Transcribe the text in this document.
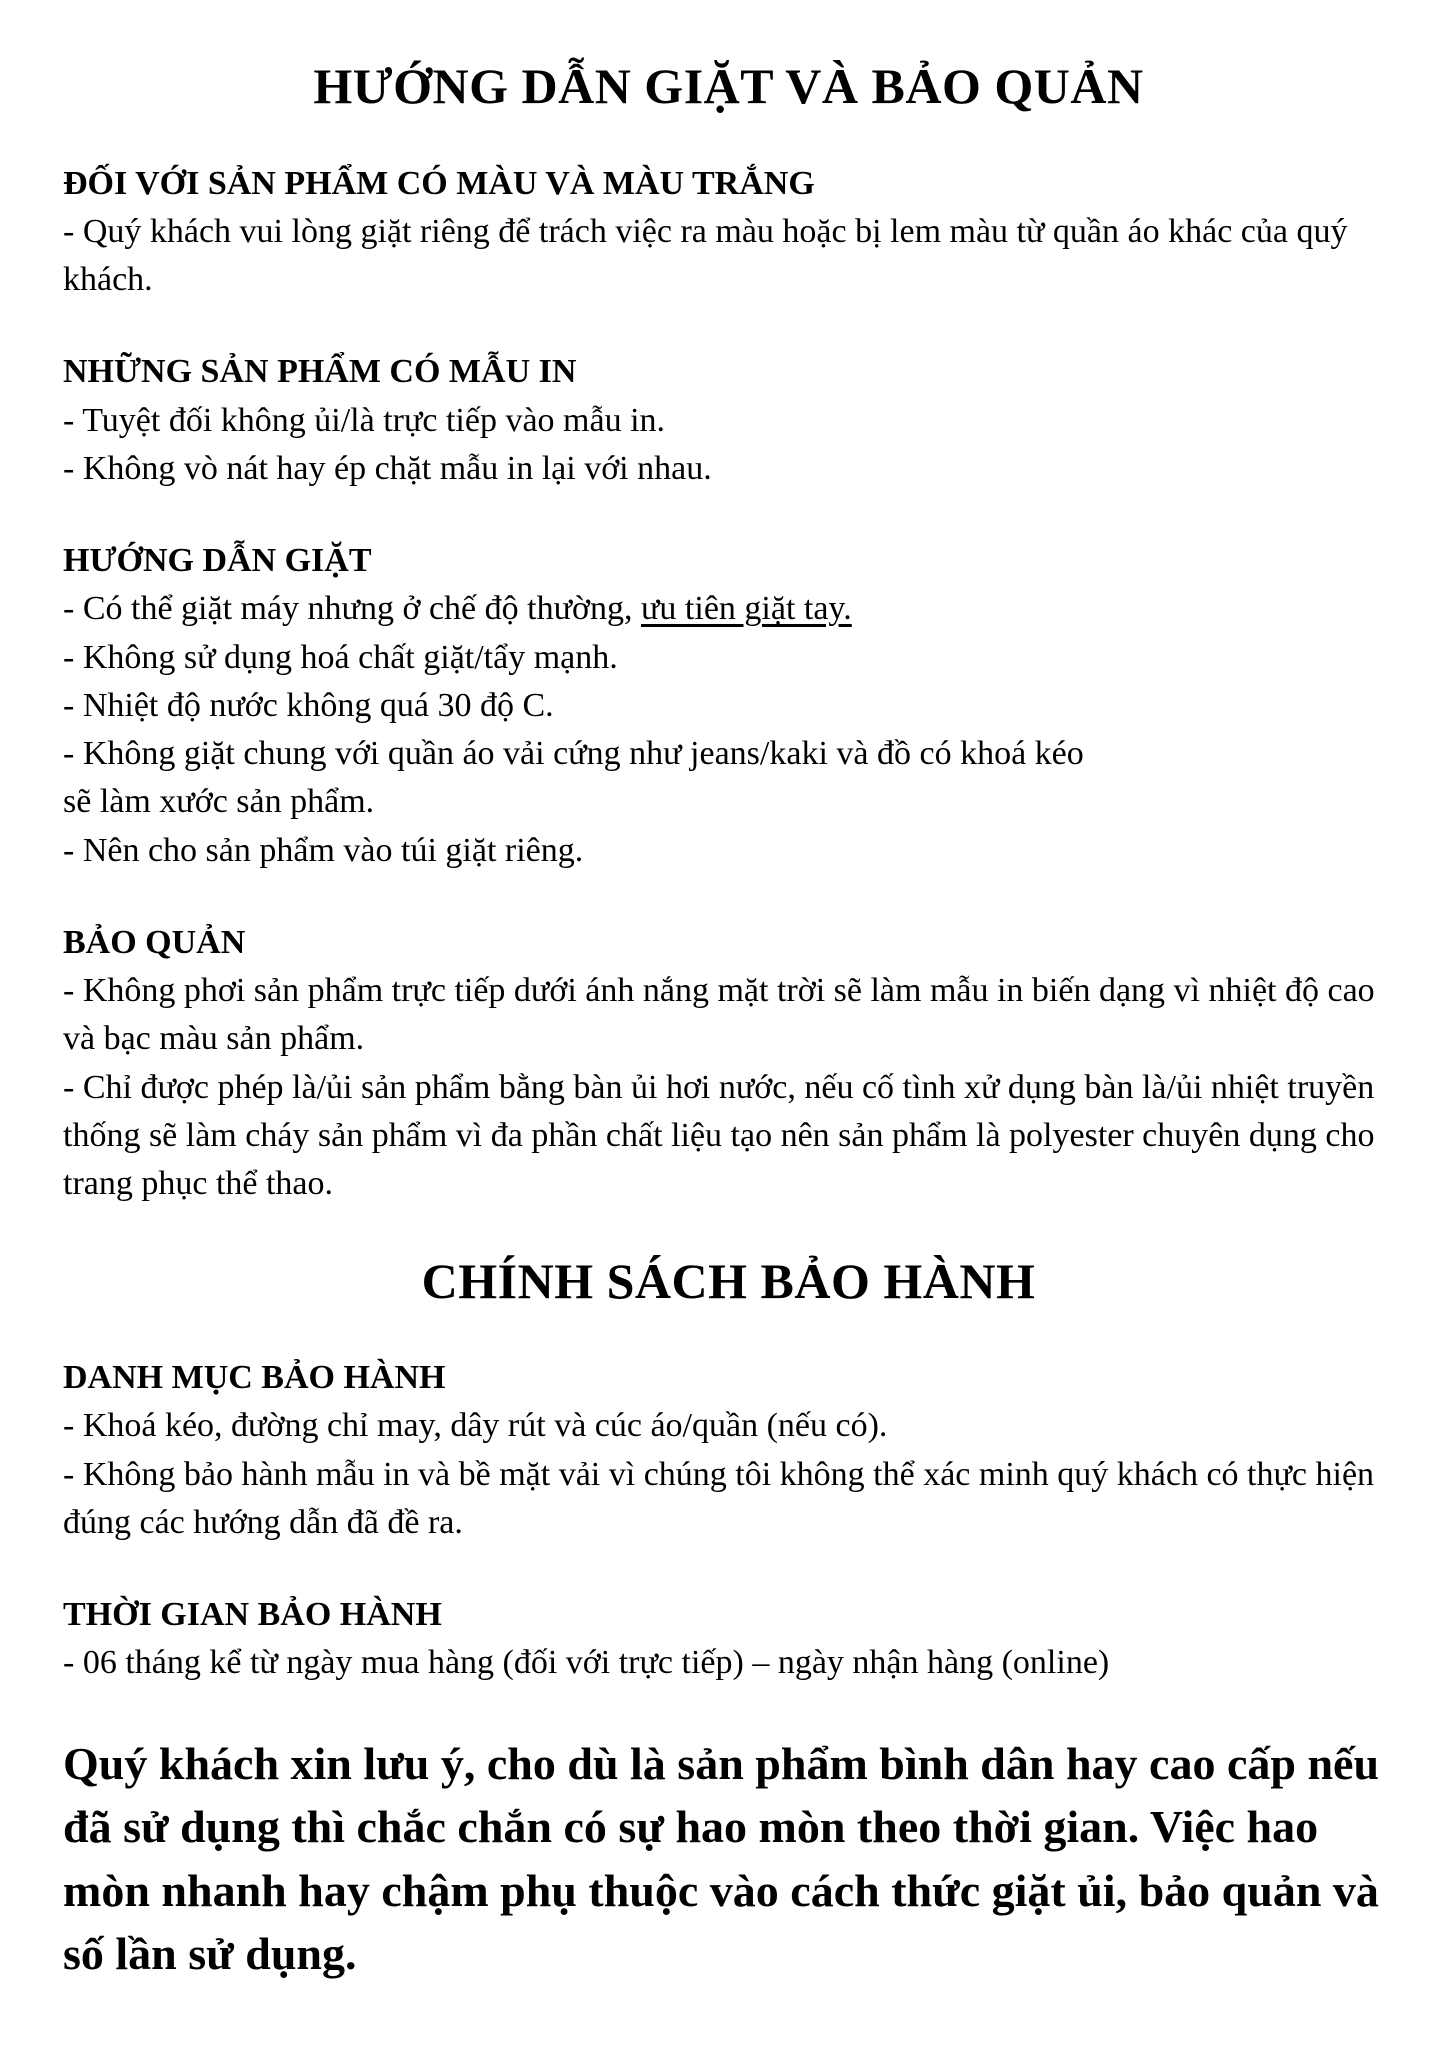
HƯỚNG DẪN GIẶT VÀ BẢO QUẢN
ĐỐI VỚI SẢN PHẨM CÓ MÀU VÀ MÀU TRẮNG

- Quý khách vui lòng giặt riêng để trách việc ra màu hoặc bị lem màu từ quần áo khác của quý khách.

NHỮNG SẢN PHẨM CÓ MẪU IN

- Tuyệt đối không ủi/là trực tiếp vào mẫu in.

- Không vò nát hay ép chặt mẫu in lại với nhau.

HƯỚNG DẪN GIẶT

- Có thể giặt máy nhưng ở chế độ thường, ưu tiên giặt tay.

- Không sử dụng hoá chất giặt/tẩy mạnh.

- Nhiệt độ nước không quá 30 độ C.

- Không giặt chung với quần áo vải cứng như jeans/kaki và đồ có khoá kéo

sẽ làm xước sản phẩm.

- Nên cho sản phẩm vào túi giặt riêng.

BẢO QUẢN

- Không phơi sản phẩm trực tiếp dưới ánh nắng mặt trời sẽ làm mẫu in biến dạng vì nhiệt độ cao và bạc màu sản phẩm.

- Chỉ được phép là/ủi sản phẩm bằng bàn ủi hơi nước, nếu cố tình xử dụng bàn là/ủi nhiệt truyền thống sẽ làm cháy sản phẩm vì đa phần chất liệu tạo nên sản phẩm là polyester chuyên dụng cho trang phục thể thao.

CHÍNH SÁCH BẢO HÀNH
DANH MỤC BẢO HÀNH

- Khoá kéo, đường chỉ may, dây rút và cúc áo/quần (nếu có).

- Không bảo hành mẫu in và bề mặt vải vì chúng tôi không thể xác minh quý khách có thực hiện đúng các hướng dẫn đã đề ra.

THỜI GIAN BẢO HÀNH

- 06 tháng kể từ ngày mua hàng (đối với trực tiếp) – ngày nhận hàng (online)

Quý khách xin lưu ý, cho dù là sản phẩm bình dân hay cao cấp nếu đã sử dụng thì chắc chắn có sự hao mòn theo thời gian. Việc hao mòn nhanh hay chậm phụ thuộc vào cách thức giặt ủi, bảo quản và số lần sử dụng.
